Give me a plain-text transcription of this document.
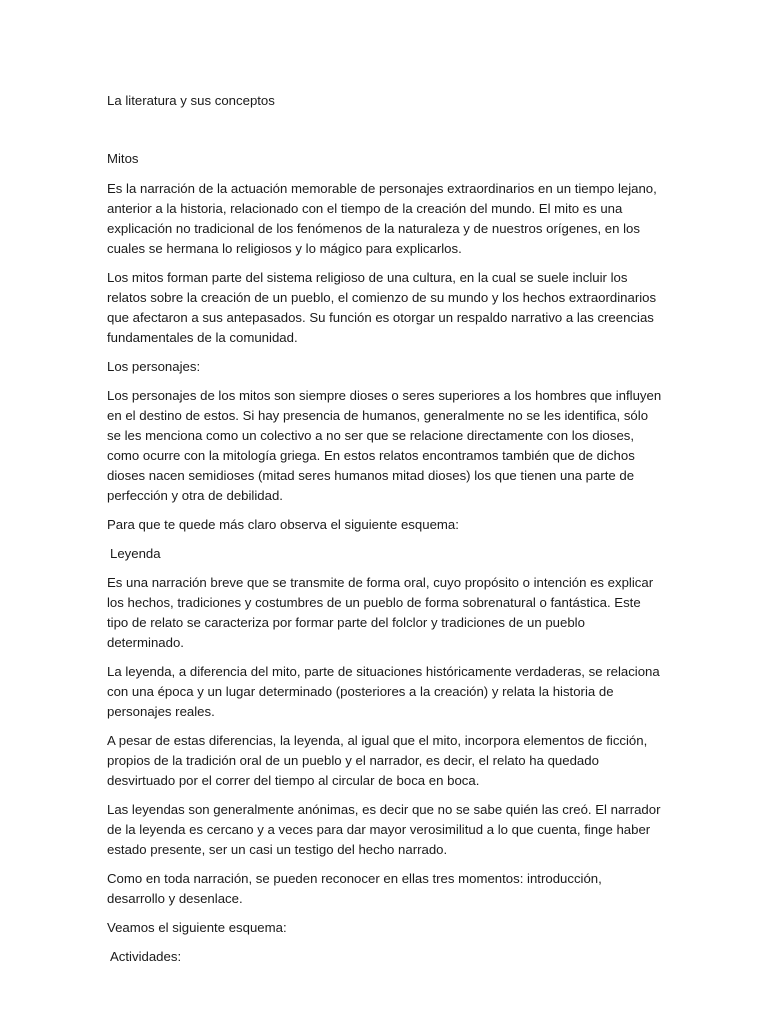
La literatura y sus conceptos

Mitos

Es la narración de la actuación memorable de personajes extraordinarios en un tiempo lejano, anterior a la historia, relacionado con el tiempo de la creación del mundo. El mito es una explicación no tradicional de los fenómenos de la naturaleza y de nuestros orígenes, en los cuales se hermana lo religiosos y lo mágico para explicarlos.

Los mitos forman parte del sistema religioso de una cultura, en la cual se suele incluir los relatos sobre la creación de un pueblo, el comienzo de su mundo y los hechos extraordinarios que afectaron a sus antepasados. Su función es otorgar un respaldo narrativo a las creencias fundamentales de la comunidad.

Los personajes:

Los personajes de los mitos son siempre dioses o seres superiores a los hombres que influyen en el destino de estos. Si hay presencia de humanos, generalmente no se les identifica, sólo se les menciona como un colectivo a no ser que se relacione directamente con los dioses, como ocurre con la mitología griega. En estos relatos encontramos también que de dichos dioses nacen semidioses (mitad seres humanos mitad dioses) los que tienen una parte de perfección y otra de debilidad.

Para que te quede más claro observa el siguiente esquema:

Leyenda

Es una narración breve que se transmite de forma oral, cuyo propósito o intención es explicar los hechos, tradiciones y costumbres de un pueblo de forma sobrenatural o fantástica. Este tipo de relato se caracteriza por formar parte del folclor y tradiciones de un pueblo determinado.

La leyenda, a diferencia del mito, parte de situaciones históricamente verdaderas, se relaciona con una época y un lugar determinado (posteriores a la creación) y relata la historia de personajes reales.

A pesar de estas diferencias, la leyenda, al igual que el mito, incorpora elementos de ficción, propios de la tradición oral de un pueblo y el narrador, es decir, el relato ha quedado desvirtuado por el correr del tiempo al circular de boca en boca.

Las leyendas son generalmente anónimas, es decir que no se sabe quién las creó. El narrador de la leyenda es cercano y a veces para dar mayor verosimilitud a lo que cuenta, finge haber estado presente, ser un casi un testigo del hecho narrado.

Como en toda narración, se pueden reconocer en ellas tres momentos: introducción, desarrollo y desenlace.

Veamos el siguiente esquema:

Actividades:
